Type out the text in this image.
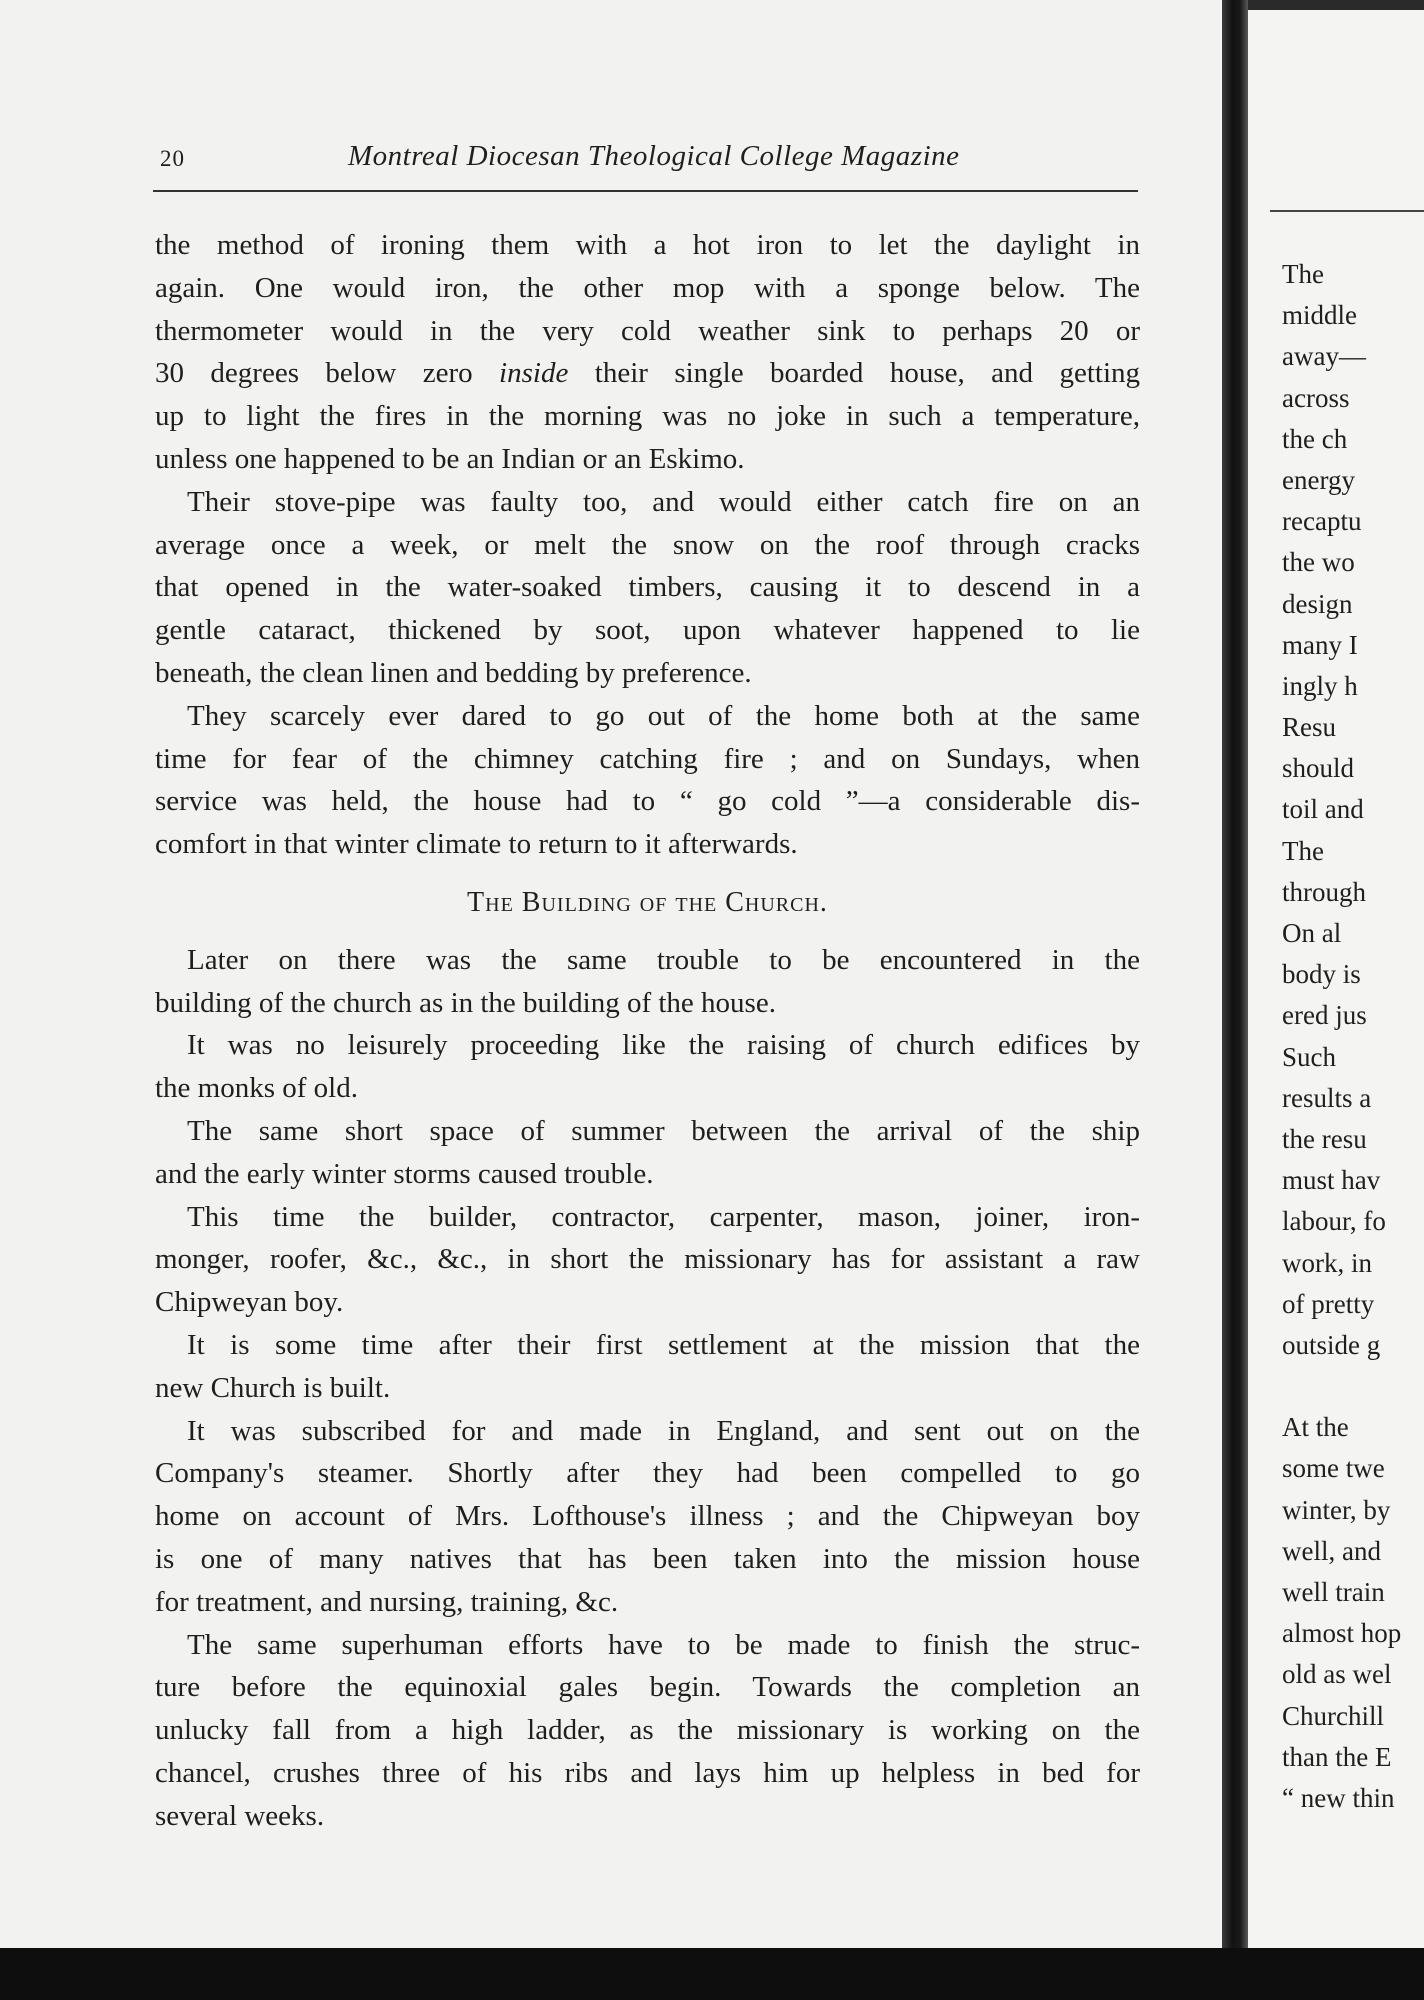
20	Montreal Diocesan Theological College Magazine
the method of ironing them with a hot iron to let the daylight in
again. One would iron, the other mop with a sponge below. The
thermometer would in the very cold weather sink to perhaps 20 or
30 degrees below zero inside their single boarded house, and getting
up to light the fires in the morning was no joke in such a temperature,
unless one happened to be an Indian or an Eskimo.
Their stove-pipe was faulty too, and would either catch fire on an
average once a week, or melt the snow on the roof through cracks
that opened in the water-soaked timbers, causing it to descend in a
gentle cataract, thickened by soot, upon whatever happened to lie
beneath, the clean linen and bedding by preference.
They scarcely ever dared to go out of the home both at the same
time for fear of the chimney catching fire ; and on Sundays, when
service was held, the house had to “ go cold ”—a considerable dis-
comfort in that winter climate to return to it afterwards.
The Building of the Church.
Later on there was the same trouble to be encountered in the
building of the church as in the building of the house.
It was no leisurely proceeding like the raising of church edifices by
the monks of old.
The same short space of summer between the arrival of the ship
and the early winter storms caused trouble.
This time the builder, contractor, carpenter, mason, joiner, iron-
monger, roofer, &c., &c., in short the missionary has for assistant a raw
Chipweyan boy.
It is some time after their first settlement at the mission that the
new Church is built.
It was subscribed for and made in England, and sent out on the
Company's steamer. Shortly after they had been compelled to go
home on account of Mrs. Lofthouse's illness ; and the Chipweyan boy
is one of many natives that has been taken into the mission house
for treatment, and nursing, training, &c.
The same superhuman efforts have to be made to finish the struc-
ture before the equinoxial gales begin. Towards the completion an
unlucky fall from a high ladder, as the missionary is working on the
chancel, crushes three of his ribs and lays him up helpless in bed for
several weeks.
The
middle
away—
across
the ch
energy
recaptu
the wo
design
many I
ingly h
Resu
should
toil and
The
through
On al
body is
ered jus
Such
results a
the resu
must hav
labour, fo
work, in
of pretty
outside g
At the
some twe
winter, by
well, and
well train
almost hop
old as wel
Churchill
than the E
“ new thin
